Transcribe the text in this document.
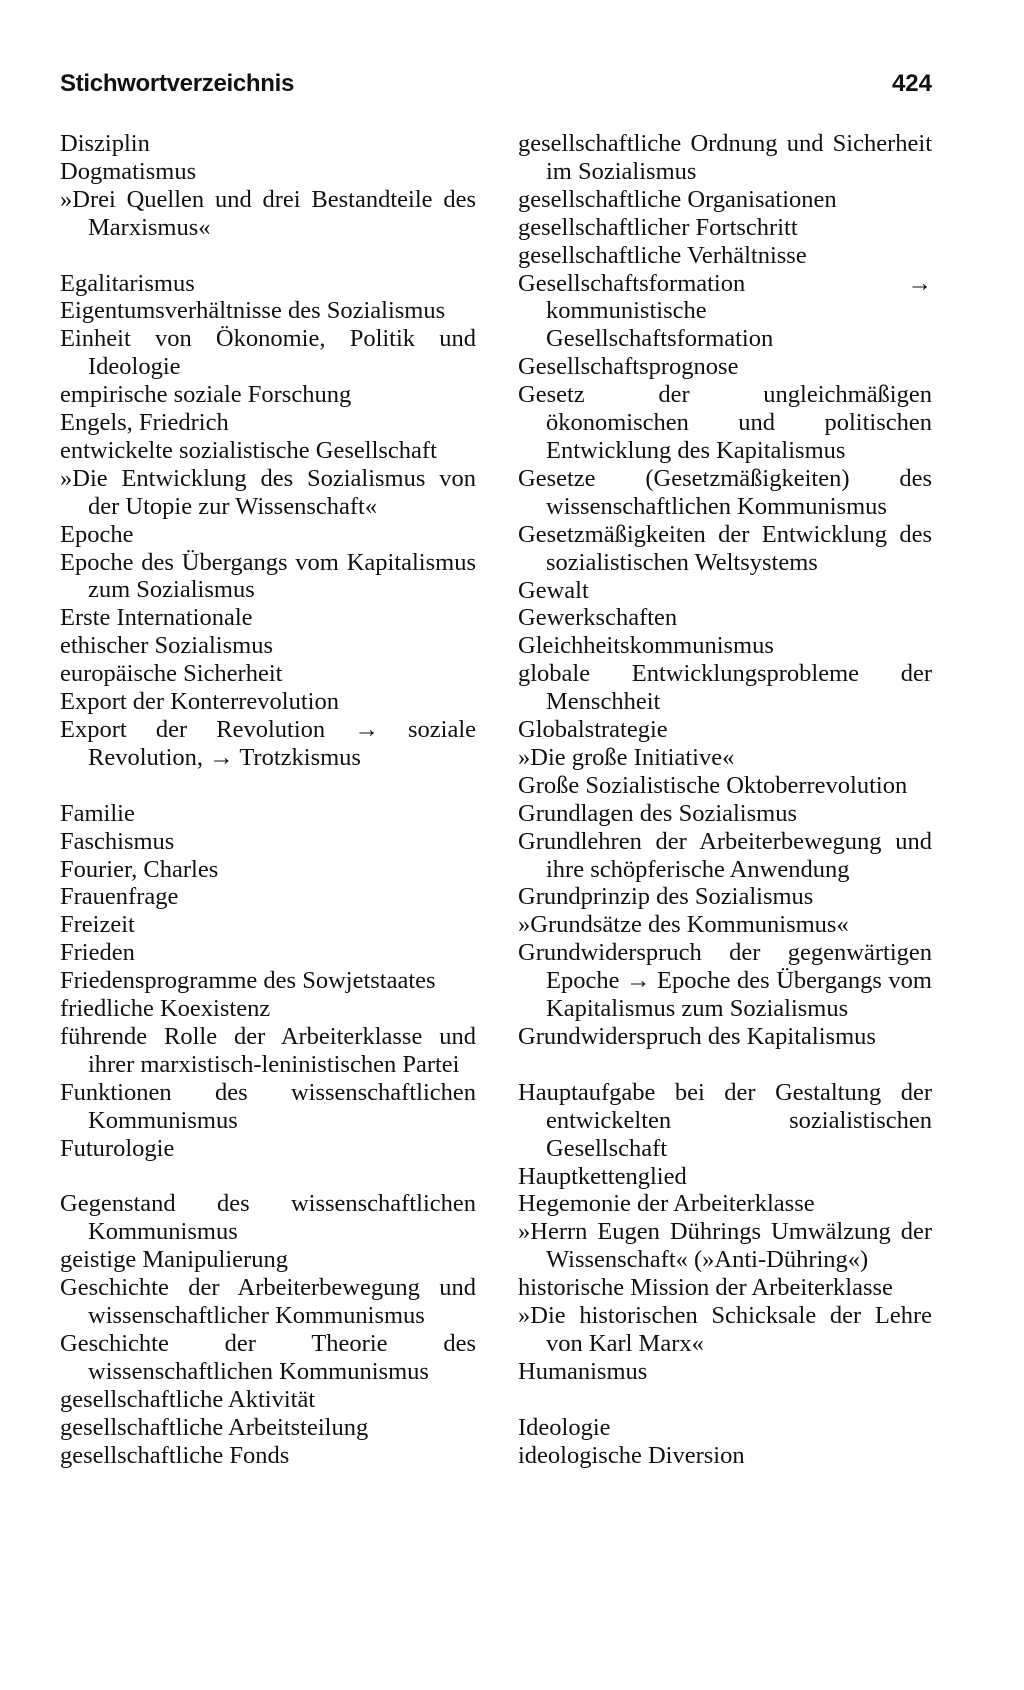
Stichwortverzeichnis	424
Disziplin
Dogmatismus
»Drei Quellen und drei Bestandteile des Marxismus«
Egalitarismus
Eigentumsverhältnisse des Sozialismus
Einheit von Ökonomie, Politik und Ideologie
empirische soziale Forschung
Engels, Friedrich
entwickelte sozialistische Gesellschaft
»Die Entwicklung des Sozialismus von der Utopie zur Wissenschaft«
Epoche
Epoche des Übergangs vom Kapitalismus zum Sozialismus
Erste Internationale
ethischer Sozialismus
europäische Sicherheit
Export der Konterrevolution
Export der Revolution → soziale Revolution, → Trotzkismus
Familie
Faschismus
Fourier, Charles
Frauenfrage
Freizeit
Frieden
Friedensprogramme des Sowjetstaates
friedliche Koexistenz
führende Rolle der Arbeiterklasse und ihrer marxistisch-leninistischen Partei
Funktionen des wissenschaftlichen Kommunismus
Futurologie
Gegenstand des wissenschaftlichen Kommunismus
geistige Manipulierung
Geschichte der Arbeiterbewegung und wissenschaftlicher Kommunismus
Geschichte der Theorie des wissenschaftlichen Kommunismus
gesellschaftliche Aktivität
gesellschaftliche Arbeitsteilung
gesellschaftliche Fonds
gesellschaftliche Ordnung und Sicherheit im Sozialismus
gesellschaftliche Organisationen
gesellschaftlicher Fortschritt
gesellschaftliche Verhältnisse
Gesellschaftsformation → kommunistische Gesellschaftsformation
Gesellschaftsprognose
Gesetz der ungleichmäßigen ökonomischen und politischen Entwicklung des Kapitalismus
Gesetze (Gesetzmäßigkeiten) des wissenschaftlichen Kommunismus
Gesetzmäßigkeiten der Entwicklung des sozialistischen Weltsystems
Gewalt
Gewerkschaften
Gleichheitskommunismus
globale Entwicklungsprobleme der Menschheit
Globalstrategie
»Die große Initiative«
Große Sozialistische Oktoberrevolution
Grundlagen des Sozialismus
Grundlehren der Arbeiterbewegung und ihre schöpferische Anwendung
Grundprinzip des Sozialismus
»Grundsätze des Kommunismus«
Grundwiderspruch der gegenwärtigen Epoche → Epoche des Übergangs vom Kapitalismus zum Sozialismus
Grundwiderspruch des Kapitalismus
Hauptaufgabe bei der Gestaltung der entwickelten sozialistischen Gesellschaft
Hauptkettenglied
Hegemonie der Arbeiterklasse
»Herrn Eugen Dührings Umwälzung der Wissenschaft« (»Anti-Dühring«)
historische Mission der Arbeiterklasse
»Die historischen Schicksale der Lehre von Karl Marx«
Humanismus
Ideologie
ideologische Diversion
